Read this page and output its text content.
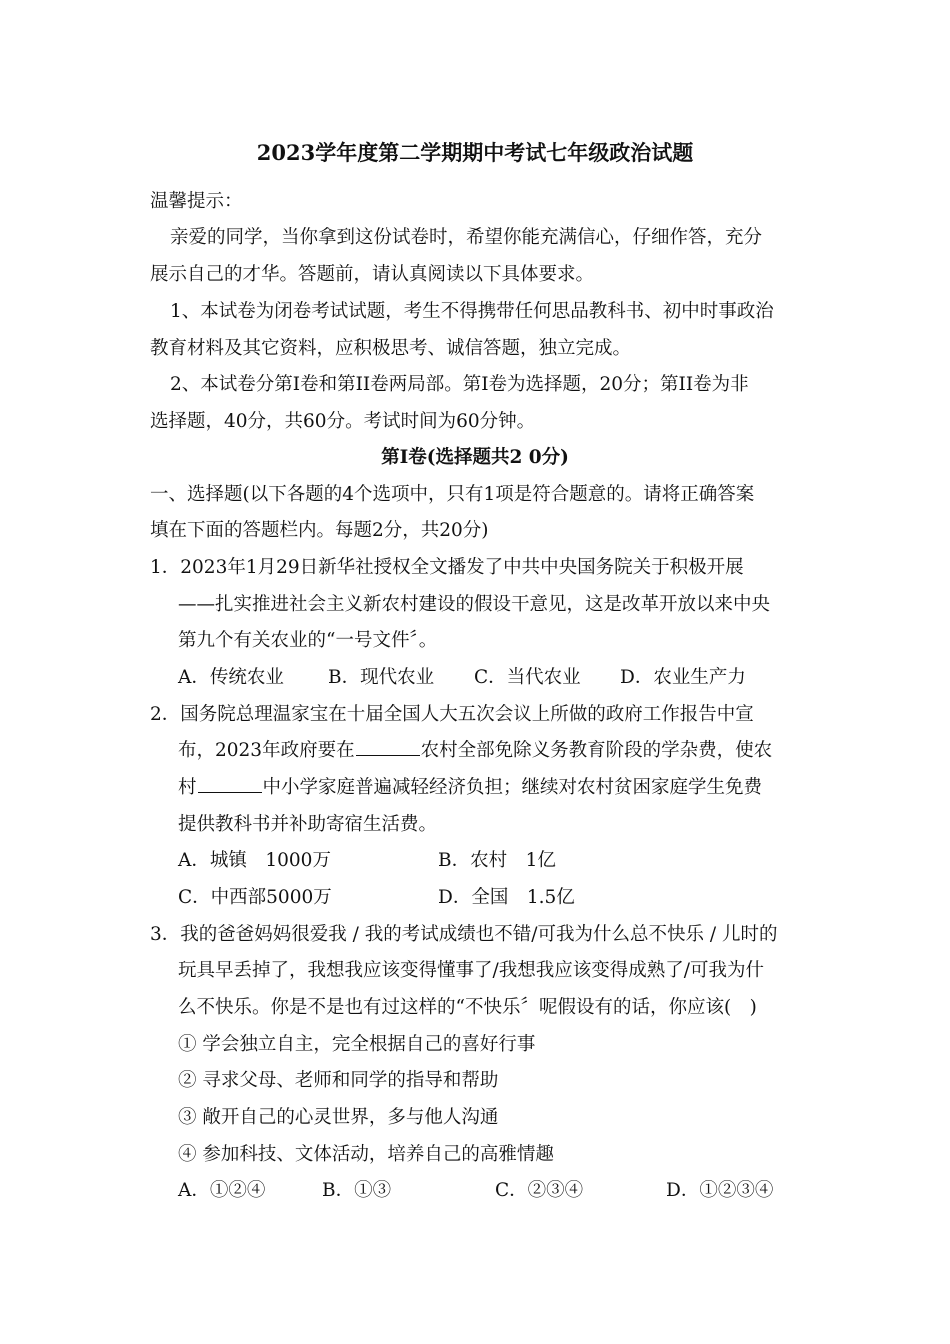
2023学年度第二学期期中考试七年级政治试题
温馨提示：
亲爱的同学，当你拿到这份试卷时，希望你能充满信心，仔细作答，充分
展示自己的才华。答题前，请认真阅读以下具体要求。
1、本试卷为闭卷考试试题，考生不得携带任何思品教科书、初中时事政治
教育材料及其它资料，应积极思考、诚信答题，独立完成。
2、本试卷分第I卷和第II卷两局部。第I卷为选择题，20分；第II卷为非
选择题，40分，共60分。考试时间为60分钟。
第I卷(选择题共2 0分)
一、选择题(以下各题的4个选项中，只有1项是符合题意的。请将正确答案
填在下面的答题栏内。每题2分，共20分)
1．2023年1月29日新华社授权全文播发了中共中央国务院关于积极开展
——扎实推进社会主义新农村建设的假设干意见，这是改革开放以来中央
第九个有关农业的“一号文件〞。
A．传统农业 B．现代农业 C．当代农业 D．农业生产力
2．国务院总理温家宝在十届全国人大五次会议上所做的政府工作报告中宣
布，2023年政府要在	农村全部免除义务教育阶段的学杂费，使农
村	中小学家庭普遍减轻经济负担；继续对农村贫困家庭学生免费
提供教科书并补助寄宿生活费。
A．城镇　1000万	B．农村　1亿
C．中西部5000万	D．全国　1.5亿
3．我的爸爸妈妈很爱我 / 我的考试成绩也不错/可我为什么总不快乐 / 儿时的
玩具早丢掉了，我想我应该变得懂事了/我想我应该变得成熟了/可我为什
么不快乐。你是不是也有过这样的“不快乐〞呢假设有的话，你应该(　)
① 学会独立自主，完全根据自己的喜好行事
② 寻求父母、老师和同学的指导和帮助
③ 敞开自己的心灵世界，多与他人沟通
④ 参加科技、文体活动，培养自己的高雅情趣
A．①②④	B．①③	C．②③④	D．①②③④
